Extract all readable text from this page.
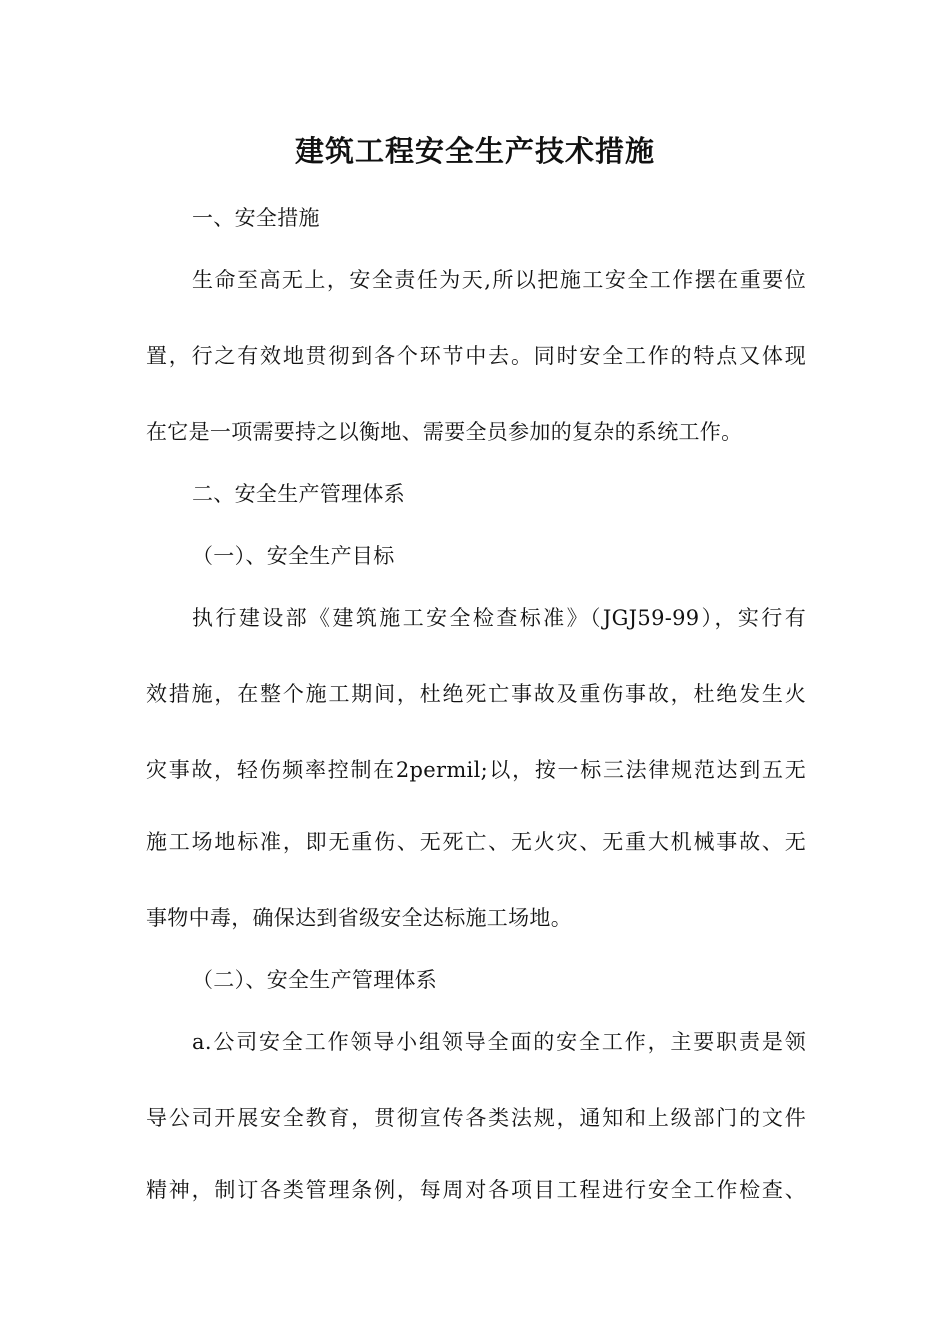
建筑工程安全生产技术措施
一、安全措施
生命至高无上，安全责任为天,所以把施工安全工作摆在重要位
置，行之有效地贯彻到各个环节中去。同时安全工作的特点又体现
在它是一项需要持之以衡地、需要全员参加的复杂的系统工作。
二、安全生产管理体系
（一）、安全生产目标
执行建设部《建筑施工安全检查标准》（JGJ59-99），实行有
效措施，在整个施工期间，杜绝死亡事故及重伤事故，杜绝发生火
灾事故，轻伤频率控制在2permil;以，按一标三法律规范达到五无
施工场地标准，即无重伤、无死亡、无火灾、无重大机械事故、无
事物中毒，确保达到省级安全达标施工场地。
（二）、安全生产管理体系
a.公司安全工作领导小组领导全面的安全工作，主要职责是领
导公司开展安全教育，贯彻宣传各类法规，通知和上级部门的文件
精神，制订各类管理条例，每周对各项目工程进行安全工作检查、
